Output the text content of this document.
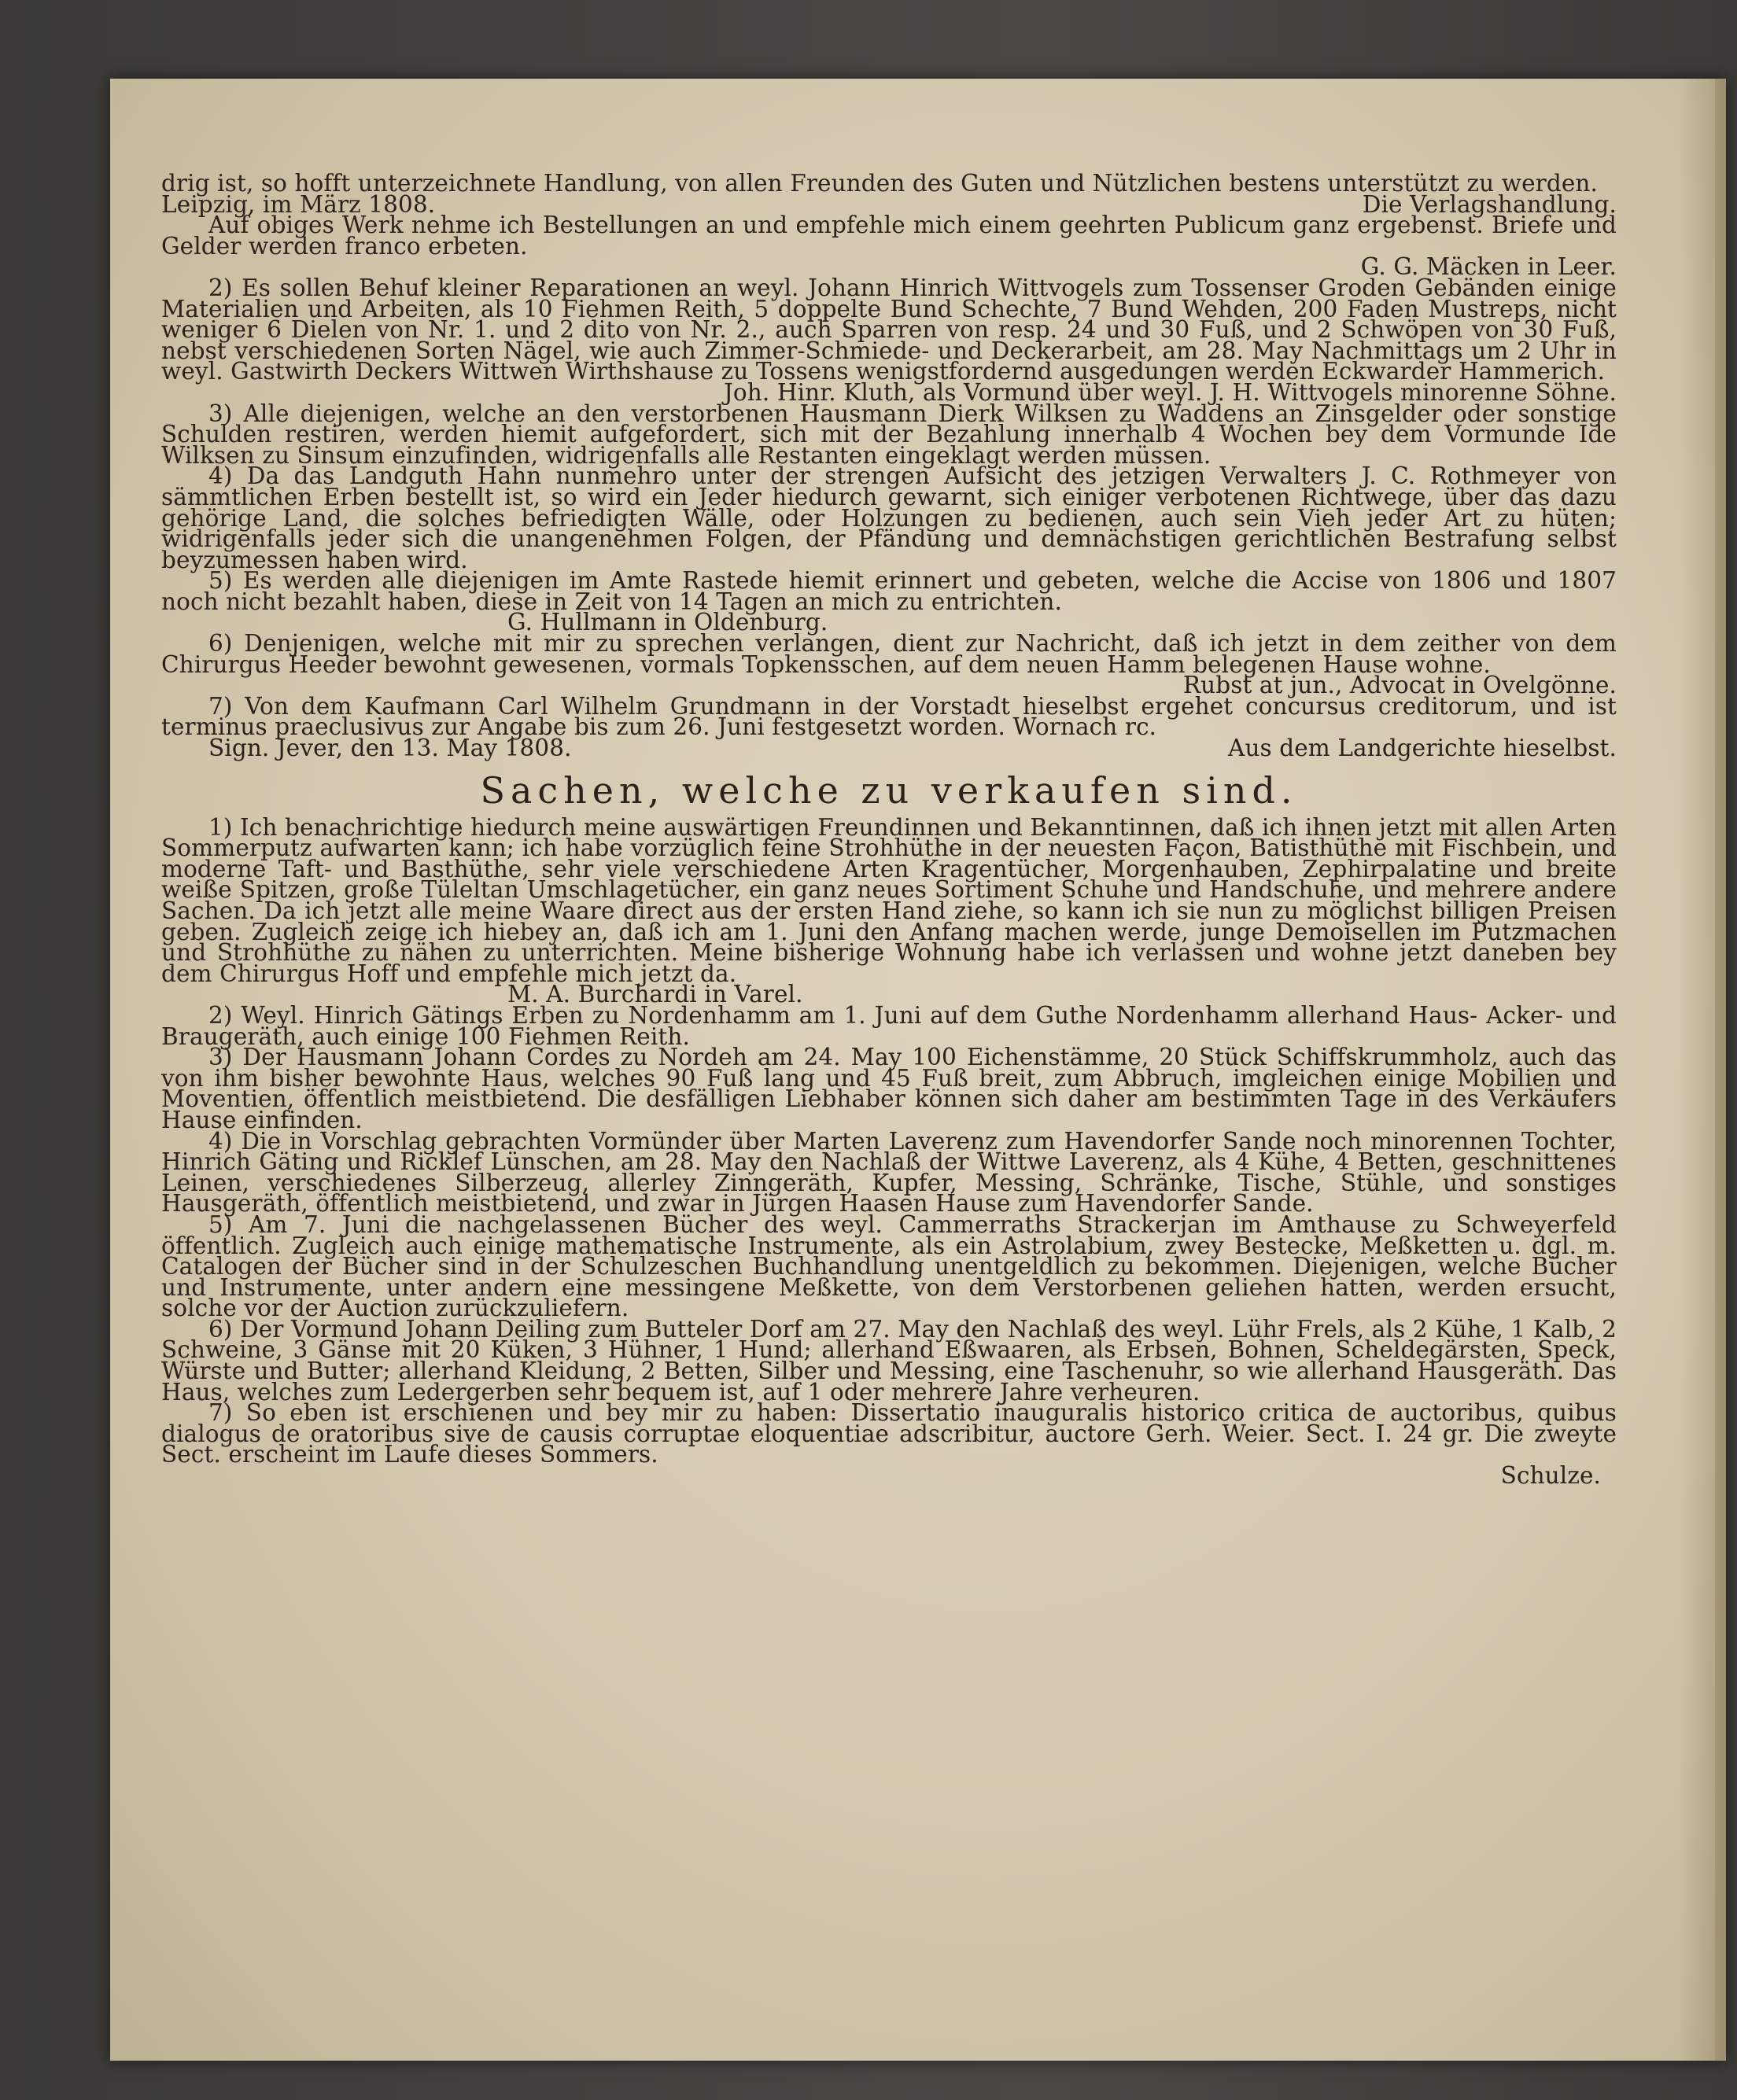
drig ist, so hofft unterzeichnete Handlung, von allen Freunden des Guten und Nützlichen bestens unterstützt zu werden.

Leipzig, im März 1808.	Die Verlagshandlung.

Auf obiges Werk nehme ich Bestellungen an und empfehle mich einem geehrten Publicum ganz ergebenst. Briefe und Gelder werden franco erbeten.

G. G. Mäcken in Leer.

2) Es sollen Behuf kleiner Reparationen an weyl. Johann Hinrich Wittvogels zum Tossenser Groden Gebänden einige Materialien und Arbeiten, als 10 Fiehmen Reith, 5 doppelte Bund Schechte, 7 Bund Wehden, 200 Faden Mustreps, nicht weniger 6 Dielen von Nr. 1. und 2 dito von Nr. 2., auch Sparren von resp. 24 und 30 Fuß, und 2 Schwöpen von 30 Fuß, nebst verschiedenen Sorten Nägel, wie auch Zimmer-Schmiede- und Deckerarbeit, am 28. May Nachmittags um 2 Uhr in weyl. Gastwirth Deckers Wittwen Wirthshause zu Tossens wenigstfordernd ausgedungen werden Eckwarder Hammerich.

Joh. Hinr. Kluth, als Vormund über weyl. J. H. Wittvogels minorenne Söhne.

3) Alle diejenigen, welche an den verstorbenen Hausmann Dierk Wilksen zu Waddens an Zinsgelder oder sonstige Schulden restiren, werden hiemit aufgefordert, sich mit der Bezahlung innerhalb 4 Wochen bey dem Vormunde Ide Wilksen zu Sinsum einzufinden, widrigenfalls alle Restanten eingeklagt werden müssen.

4) Da das Landguth Hahn nunmehro unter der strengen Aufsicht des jetzigen Verwalters J. C. Rothmeyer von sämmtlichen Erben bestellt ist, so wird ein Jeder hiedurch gewarnt, sich einiger verbotenen Richtwege, über das dazu gehörige Land, die solches befriedigten Wälle, oder Holzungen zu bedienen, auch sein Vieh jeder Art zu hüten; widrigenfalls jeder sich die unangenehmen Folgen, der Pfändung und demnächstigen gerichtlichen Bestrafung selbst beyzumessen haben wird.

5) Es werden alle diejenigen im Amte Rastede hiemit erinnert und gebeten, welche die Accise von 1806 und 1807 noch nicht bezahlt haben, diese in Zeit von 14 Tagen an mich zu entrichten.

G. Hullmann in Oldenburg.

6) Denjenigen, welche mit mir zu sprechen verlangen, dient zur Nachricht, daß ich jetzt in dem zeither von dem Chirurgus Heeder bewohnt gewesenen, vormals Topkensschen, auf dem neuen Hamm belegenen Hause wohne.

Rubst at jun., Advocat in Ovelgönne.

7) Von dem Kaufmann Carl Wilhelm Grundmann in der Vorstadt hieselbst ergehet concursus creditorum, und ist terminus praeclusivus zur Angabe bis zum 26. Juni festgesetzt worden. Wornach rc.

Sign. Jever, den 13. May 1808.	Aus dem Landgerichte hieselbst.
Sachen, welche zu verkaufen sind.

1) Ich benachrichtige hiedurch meine auswärtigen Freundinnen und Bekanntinnen, daß ich ihnen jetzt mit allen Arten Sommerputz aufwarten kann; ich habe vorzüglich feine Strohhüthe in der neuesten Façon, Batisthüthe mit Fischbein, und moderne Taft- und Basthüthe, sehr viele verschiedene Arten Kragentücher, Morgenhauben, Zephirpalatine und breite weiße Spitzen, große Tüleltan Umschlagetücher, ein ganz neues Sortiment Schuhe und Handschuhe, und mehrere andere Sachen. Da ich jetzt alle meine Waare direct aus der ersten Hand ziehe, so kann ich sie nun zu möglichst billigen Preisen geben. Zugleich zeige ich hiebey an, daß ich am 1. Juni den Anfang machen werde, junge Demoisellen im Putzmachen und Strohhüthe zu nähen zu unterrichten. Meine bisherige Wohnung habe ich verlassen und wohne jetzt daneben bey dem Chirurgus Hoff und empfehle mich jetzt da.

M. A. Burchardi in Varel.

2) Weyl. Hinrich Gätings Erben zu Nordenhamm am 1. Juni auf dem Guthe Nordenhamm allerhand Haus- Acker- und Braugeräth, auch einige 100 Fiehmen Reith.

3) Der Hausmann Johann Cordes zu Nordeh am 24. May 100 Eichenstämme, 20 Stück Schiffskrummholz, auch das von ihm bisher bewohnte Haus, welches 90 Fuß lang und 45 Fuß breit, zum Abbruch, imgleichen einige Mobilien und Moventien, öffentlich meistbietend. Die desfälligen Liebhaber können sich daher am bestimmten Tage in des Verkäufers Hause einfinden.

4) Die in Vorschlag gebrachten Vormünder über Marten Laverenz zum Havendorfer Sande noch minorennen Tochter, Hinrich Gäting und Ricklef Lünschen, am 28. May den Nachlaß der Wittwe Laverenz, als 4 Kühe, 4 Betten, geschnittenes Leinen, verschiedenes Silberzeug, allerley Zinngeräth, Kupfer, Messing, Schränke, Tische, Stühle, und sonstiges Hausgeräth, öffentlich meistbietend, und zwar in Jürgen Haasen Hause zum Havendorfer Sande.

5) Am 7. Juni die nachgelassenen Bücher des weyl. Cammerraths Strackerjan im Amthause zu Schweyerfeld öffentlich. Zugleich auch einige mathematische Instrumente, als ein Astrolabium, zwey Bestecke, Meßketten u. dgl. m. Catalogen der Bücher sind in der Schulzeschen Buchhandlung unentgeldlich zu bekommen. Diejenigen, welche Bücher und Instrumente, unter andern eine messingene Meßkette, von dem Verstorbenen geliehen hatten, werden ersucht, solche vor der Auction zurückzuliefern.

6) Der Vormund Johann Deiling zum Butteler Dorf am 27. May den Nachlaß des weyl. Lühr Frels, als 2 Kühe, 1 Kalb, 2 Schweine, 3 Gänse mit 20 Küken, 3 Hühner, 1 Hund; allerhand Eßwaaren, als Erbsen, Bohnen, Scheldegärsten, Speck, Würste und Butter; allerhand Kleidung, 2 Betten, Silber und Messing, eine Taschenuhr, so wie allerhand Hausgeräth. Das Haus, welches zum Ledergerben sehr bequem ist, auf 1 oder mehrere Jahre verheuren.

7) So eben ist erschienen und bey mir zu haben: Dissertatio inauguralis historico critica de auctoribus, quibus dialogus de oratoribus sive de causis corruptae eloquentiae adscribitur, auctore Gerh. Weier. Sect. I. 24 gr. Die zweyte Sect. erscheint im Laufe dieses Sommers.

Schulze.
